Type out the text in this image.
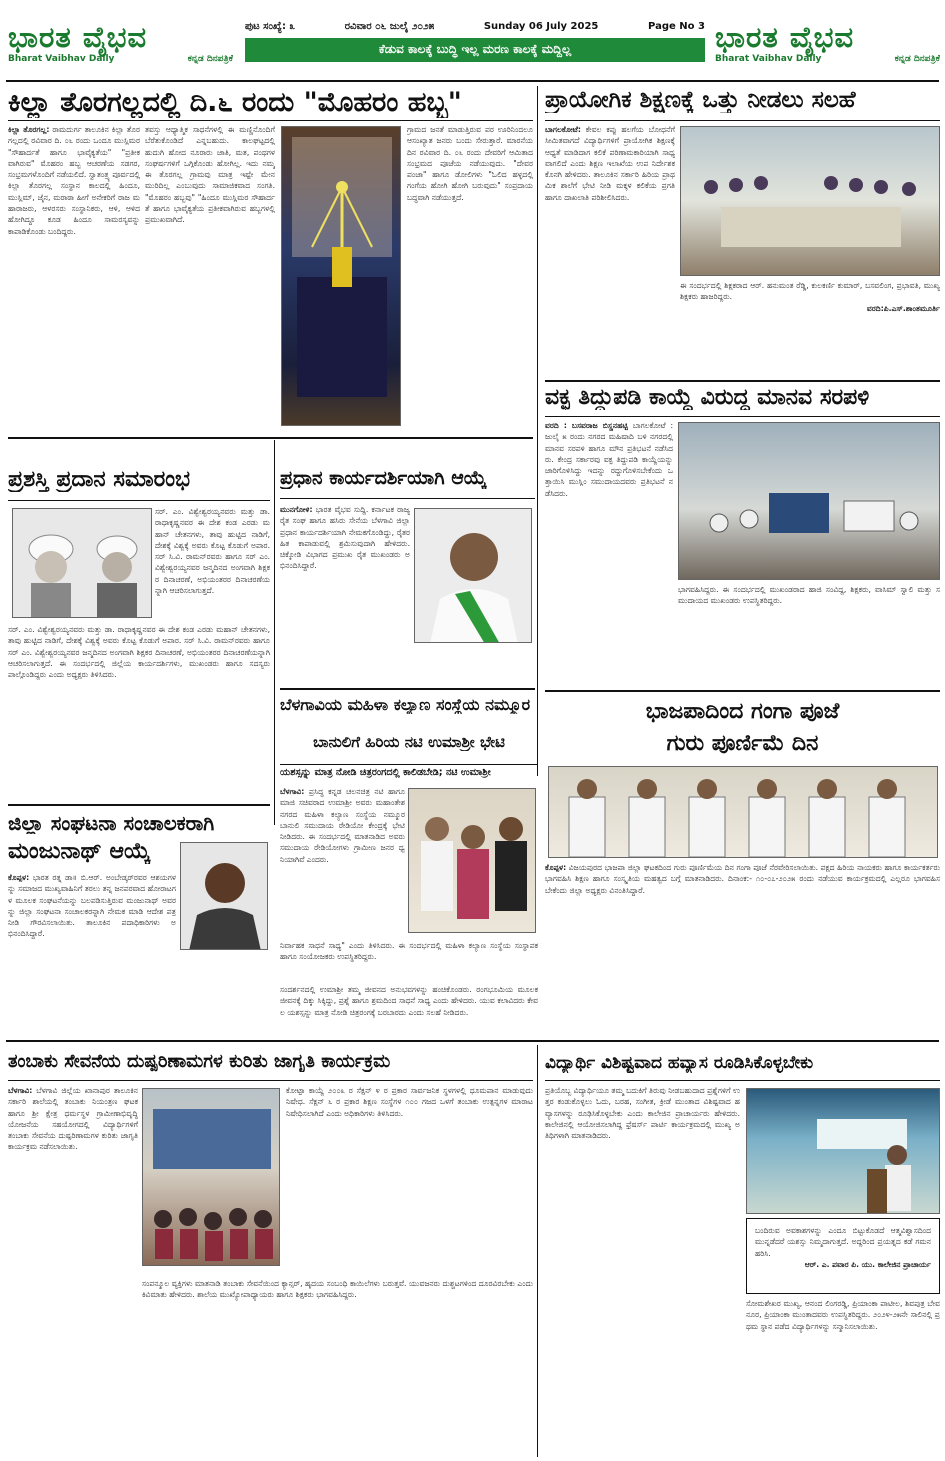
ಭಾರತ ವೈಭವ
Bharat Vaibhav Daily	ಕನ್ನಡ ದಿನಪತ್ರಿಕೆ
ಪುಟ ಸಂಖ್ಯೆ: ೩	ರವಿವಾರ ೦೬ ಜುಲೈ ೨೦೨೫	Sunday 06 July 2025	Page No 3
ಕೆಡುವ ಕಾಲಕ್ಕೆ ಬುದ್ಧಿ ಇಲ್ಲ ಮರಣ ಕಾಲಕ್ಕೆ ಮದ್ದಿಲ್ಲ	ಭಾರತ ವೈಭವ
Bharat Vaibhav Daily	ಕನ್ನಡ ದಿನಪತ್ರಿಕೆ
ಕಿಲ್ಲಾ ತೊರಗಲ್ಲದಲ್ಲಿ ದಿ.೬ ರಂದು "ಮೊಹರಂ ಹಬ್ಬ"
ಕಿಲ್ಲಾ ತೊರಗಲ್ಲ: ರಾಮದುರ್ಗ ತಾಲೂಕಿನ ಕಿಲ್ಲಾ ತೊರಗಲ್ಲದಲ್ಲಿ ರವಿವಾರ ದಿ. ೦೬ ರಂದು ಒಂದೂ ಮುಸ್ಲಿಮರ "ಸೌಹಾರ್ದತೆ ಹಾಗೂ ಭಾವೈಕ್ಯತೆಯ" "ಪ್ರತೀಕವಾಗಿರುವ" ಮೊಹರಂ ಹಬ್ಬ ಆಚರಣೆಯ ಸಡಗರ, ಸಂಭ್ರಮಗಳೊಂದಿಗೆ ನಡೆಯಲಿದೆ. ಸ್ವಾತಂತ್ರ್ಯ ಪೂರ್ವದಲ್ಲಿ ಕಿಲ್ಲಾ ತೊರಗಲ್ಲ ಸಂಸ್ಥಾನ ಕಾಲದಲ್ಲಿ ಹಿಂದೂ, ಮುಸ್ಲಿಮ್, ಜೈನ, ಮರಾಠಾ ಹೀಗೆ ಅನೇಕರಿಗೆ ರಾಜ ಮಹಾರಾಜರು, ಆಳರಸರು ಸಂಸ್ಥಾನಿಕರು, ಆಳಿ, ಆಳಿದ ಹೋಗಿದ್ದೂ ಕೂಡ ಹಿಂದೂ ಸಾಮರಸ್ಯವನ್ನು ಕಾಪಾಡಿಕೊಂಡು ಬಂದಿದ್ದರು.
ತವಸ್ತು ಆಧ್ಯಾತ್ಮಿಕ ಸಾಧನೆಗಳಲ್ಲಿ ಈ ಮಣ್ಣಿನೊಂದಿಗೆ ಬೆರೆತುಕೊಂಡಿದೆ ಎನ್ನಬಹುದು. ಕಾಲಘಟ್ಟದಲ್ಲಿ ಹುದುಗಿ ಹೋದ ನೂರಾರು ಜಾತಿ, ಮತ, ಪಂಥಗಳ ಸಂಘರ್ಷಗಳಿಗೆ ಒಗ್ಗಿಕೊಂಡು ಹೋಗಿಲ್ಲ. ಇದು ನಮ್ಮ ಈ ತೊರಗಲ್ಲ ಗ್ರಾಮವು ಮಾತ್ರ ಇಷ್ಟೇ ಮೇನ ಮುರಿದಿಲ್ಲ ಎಂಬುವುದು ಸಾಮಾಜಿಕವಾದ ಸಂಗತಿ. "ಮೊಹರಂ ಹಬ್ಬವು" "ಹಿಂದೂ ಮುಸ್ಲಿಮರ ಸೌಹಾರ್ದತೆ ಹಾಗೂ ಭಾವೈಕ್ಯತೆಯ ಪ್ರತೀಕವಾಗಿರುವ ಹಬ್ಬಗಳಲ್ಲಿ ಪ್ರಮುಖವಾಗಿದೆ.
ಗ್ರಾಮದ ಜನತೆ ಮಾಡುತ್ತಿರುವ ಪರ ಊರಿನಿಂದಲೂ ಆಸಂಖ್ಯಾತ ಜನರು ಬಂದು ಸೇರುತ್ತಾರೆ. ಮಾರನೆಯ ದಿನ ರವಿವಾರ ದಿ. ೦೬ ರಂದು ದೇವರಿಗೆ ಆಮಿತಾದ ಸಂಭ್ರಮದ ಪೂಜೆಯ ನಡೆಯುವುದು. "ದೇವರ ಪಂಜಾ" ಹಾಗೂ ಡೋಲಿಗಳು "ಓಲಿದ ಹಳ್ಳದಲ್ಲಿ ಗಂಗೆಯ ಹೋಗಿ ಹೋಗಿ ಬರುವುದು" ಸಂಪ್ರದಾಯ ಬದ್ಧವಾಗಿ ನಡೆಯುತ್ತದೆ.
ಪ್ರಾಯೋಗಿಕ ಶಿಕ್ಷಣಕ್ಕೆ ಒತ್ತು ನೀಡಲು ಸಲಹೆ
ಬಾಗಲಕೋಟೆ: ಕೇವಲ ಕಪ್ಪು ಹಲಗೆಯ ಬೋಧನೆಗೆ ಸೀಮಿತವಾಗದೆ ವಿದ್ಯಾರ್ಥಿಗಳಿಗೆ ಪ್ರಾಯೋಗಿಕ ಶಿಕ್ಷಣಕ್ಕೆ ಆಧ್ಯತೆ ಮಾಡಿದಾಗ ಕಲಿಕೆ ಪರಿಣಾಮಕಾರಿಯಾಗಿ ಸಾಧ್ಯವಾಗಲಿದೆ ಎಂದು ಶಿಕ್ಷಣ ಇಲಾಖೆಯ ಉಪ ನಿರ್ದೇಶಕ ಕೊನಗಿ ಹೇಳಿದರು. ತಾಲೂಕಿನ ಸರ್ಕಾರಿ ಹಿರಿಯ ಪ್ರಾಥಮಿಕ ಶಾಲೆಗೆ ಭೇಟಿ ನೀಡಿ ಮಕ್ಕಳ ಕಲಿಕೆಯ ಪ್ರಗತಿ ಹಾಗೂ ದಾಖಲಾತಿ ಪರಿಶೀಲಿಸಿದರು.
ಈ ಸಂದರ್ಭದಲ್ಲಿ ಶಿಕ್ಷಕರಾದ ಆರ್. ಹನುಮಂತ ರೆಡ್ಡಿ, ಕುಲಕರ್ಣಿ ಕುಮಾರ್, ಬಸವಲಿಂಗ, ಪ್ರಭಾವತಿ, ಮುಖ್ಯ ಶಿಕ್ಷಕರು ಹಾಜರಿದ್ದರು.
ವರದಿ:ಪಿ.ಎಸ್.ಶಾಂತಮೂರ್ತಿ
ವಕ್ಫ ತಿದ್ದುಪಡಿ ಕಾಯ್ದೆ ವಿರುದ್ಧ ಮಾನವ ಸರಪಳಿ
ವರದಿ : ಬಸವರಾಜ ಬಿಸ್ಣನಹಟ್ಟಿ ಬಾಗಲಕೋಟೆ : ಜುಲೈ ೫ ರಂದು ನಗರದ ಮಹಿಷಾದಿ ಬಳಿ ನಗರದಲ್ಲಿ ಮಾನವ ಸರಪಳಿ ಹಾಗೂ ಮೌನ ಪ್ರತಿಭಟನೆ ನಡೆಸಿದರು. ಕೇಂದ್ರ ಸರ್ಕಾರವು ವಕ್ಫ ತಿದ್ದುಪಡಿ ಕಾಯ್ದೆಯನ್ನು ಜಾರಿಗೊಳಿಸಿದ್ದು ಇದನ್ನು ರದ್ದುಗೊಳಿಸಬೇಕೆಂದು ಒತ್ತಾಯಿಸಿ ಮುಸ್ಲಿಂ ಸಮುದಾಯದವರು ಪ್ರತಿಭಟನೆ ನಡೆಸಿದರು.
ಭಾಗವಹಿಸಿದ್ದರು. ಈ ಸಂದರ್ಭದಲ್ಲಿ ಮುಖಂಡರಾದ ಹಾಜಿ ಸಂವಿದ್ದ, ಶಿಕ್ಷಕರು, ವಾಸಿಮ್ ಸ್ವಾಲಿ ಮತ್ತು ಸಮುದಾಯದ ಮುಖಂಡರು ಉಪಸ್ಥಿತರಿದ್ದರು.
ಪ್ರಶಸ್ತಿ ಪ್ರದಾನ ಸಮಾರಂಭ
ಸರ್. ಎಂ. ವಿಶ್ವೇಶ್ವರಯ್ಯನವರು ಮತ್ತು ಡಾ. ರಾಧಾಕೃಷ್ಣನವರ ಈ ದೇಶ ಕಂಡ ಎರಡು ಮಹಾನ್ ಚೇತನಗಳು, ತಾವು ಹುಟ್ಟಿದ ನಾಡಿಗೆ, ದೇಶಕ್ಕೆ ವಿಶ್ವಕ್ಕೆ ಅವರು ಕೊಟ್ಟ ಕೊಡುಗೆ ಅಪಾರ. ಸರ್ ಸಿ.ವಿ. ರಾಮನ್‌ರವರು ಹಾಗೂ ಸರ್ ಎಂ. ವಿಶ್ವೇಶ್ವರಯ್ಯನವರ ಜನ್ಮದಿನದ ಅಂಗವಾಗಿ ಶಿಕ್ಷಕರ ದಿನಾಚರಣೆ, ಅಭಿಯಂತರರ ದಿನಾಚರಣೆಯನ್ನಾಗಿ ಆಚರಿಸಲಾಗುತ್ತದೆ.
ಸರ್. ಎಂ. ವಿಶ್ವೇಶ್ವರಯ್ಯನವರು ಮತ್ತು ಡಾ. ರಾಧಾಕೃಷ್ಣನವರ ಈ ದೇಶ ಕಂಡ ಎರಡು ಮಹಾನ್ ಚೇತನಗಳು, ತಾವು ಹುಟ್ಟಿದ ನಾಡಿಗೆ, ದೇಶಕ್ಕೆ ವಿಶ್ವಕ್ಕೆ ಅವರು ಕೊಟ್ಟ ಕೊಡುಗೆ ಅಪಾರ. ಸರ್ ಸಿ.ವಿ. ರಾಮನ್‌ರವರು ಹಾಗೂ ಸರ್ ಎಂ. ವಿಶ್ವೇಶ್ವರಯ್ಯನವರ ಜನ್ಮದಿನದ ಅಂಗವಾಗಿ ಶಿಕ್ಷಕರ ದಿನಾಚರಣೆ, ಅಭಿಯಂತರರ ದಿನಾಚರಣೆಯನ್ನಾಗಿ ಆಚರಿಸಲಾಗುತ್ತದೆ. ಈ ಸಂದರ್ಭದಲ್ಲಿ ಜಿಲ್ಲೆಯ ಕಾರ್ಯದರ್ಶಿಗಳು, ಮುಖಂಡರು ಹಾಗೂ ಸದಸ್ಯರು ಪಾಲ್ಗೊಂಡಿದ್ದರು ಎಂದು ಅಧ್ಯಕ್ಷರು ತಿಳಿಸಿದರು.
ಪ್ರಧಾನ ಕಾರ್ಯದರ್ಶಿಯಾಗಿ ಆಯ್ಕೆ
ಮುನಗೋಳಿ: ಭಾರತ ವೈಭವ ಸುದ್ದಿ. ಕರ್ನಾಟಕ ರಾಜ್ಯ ರೈತ ಸಂಘ ಹಾಗೂ ಹಸಿರು ಸೇನೆಯ ಬೆಳಗಾವಿ ಜಿಲ್ಲಾ ಪ್ರಧಾನ ಕಾರ್ಯದರ್ಶಿಯಾಗಿ ನೇಮಕಗೊಂಡಿದ್ದು, ರೈತರ ಹಿತ ಕಾಪಾಡುವಲ್ಲಿ ಶ್ರಮಿಸುವುದಾಗಿ ಹೇಳಿದರು. ಚಿಕ್ಕೋಡಿ ವಿಭಾಗದ ಪ್ರಮುಖ ರೈತ ಮುಖಂಡರು ಅಭಿನಂದಿಸಿದ್ದಾರೆ.
ಜಿಲ್ಲಾ ಸಂಘಟನಾ ಸಂಚಾಲಕರಾಗಿ
ಮಂಜುನಾಥ್ ಆಯ್ಕೆ
ಕೊಪ್ಪಳ: ಭಾರತ ರತ್ನ ಡಾ॥ ಬಿ.ಆರ್. ಅಂಬೇಡ್ಕರ್‌ರವರ ಆಶಯಗಳನ್ನು ಸಮಾಜದ ಮುಖ್ಯವಾಹಿನಿಗೆ ತರಲು ತನ್ನ ಜನಪರವಾದ ಹೋರಾಟಗಳ ಮೂಲಕ ಸಂಘಟನೆಯನ್ನು ಬಲಪಡಿಸುತ್ತಿರುವ ಮಂಜುನಾಥ್ ಅವರನ್ನು ಜಿಲ್ಲಾ ಸಂಘಟನಾ ಸಂಚಾಲಕರನ್ನಾಗಿ ನೇಮಕ ಮಾಡಿ ಆದೇಶ ಪತ್ರ ನೀಡಿ ಗೌರವಿಸಲಾಯಿತು. ತಾಲೂಕಿನ ಪದಾಧಿಕಾರಿಗಳು ಅಭಿನಂದಿಸಿದ್ದಾರೆ.
ಬೆಳಗಾವಿಯ ಮಹಿಳಾ ಕಲ್ಯಾಣ ಸಂಸ್ಥೆಯ ನಮ್ಮೂರ
ಬಾನುಲಿಗೆ ಹಿರಿಯ ನಟಿ ಉಮಾಶ್ರೀ ಭೇಟಿ
ಯಶಸ್ಸನ್ನು ಮಾತ್ರ ನೋಡಿ ಚಿತ್ರರಂಗದಲ್ಲಿ ಕಾಲಿಡಬೇಡಿ; ನಟಿ ಉಮಾಶ್ರೀ
ಬೆಳಗಾವಿ: ಪ್ರಸಿದ್ಧ ಕನ್ನಡ ಚಲನಚಿತ್ರ ನಟಿ ಹಾಗೂ ಮಾಜಿ ಸಚಿವರಾದ ಉಮಾಶ್ರೀ ಅವರು ಮಹಾಂತೇಶ ನಗರದ ಮಹಿಳಾ ಕಲ್ಯಾಣ ಸಂಸ್ಥೆಯ ನಮ್ಮೂರ ಬಾನುಲಿ ಸಮುದಾಯ ರೇಡಿಯೋ ಕೇಂದ್ರಕ್ಕೆ ಭೇಟಿ ನೀಡಿದರು. ಈ ಸಂದರ್ಭದಲ್ಲಿ ಮಾತನಾಡಿದ ಅವರು ಸಮುದಾಯ ರೇಡಿಯೋಗಳು ಗ್ರಾಮೀಣ ಜನರ ಧ್ವನಿಯಾಗಿವೆ ಎಂದರು.
ನಿರ್ವಾಹಕ ಸಾಧನೆ ಸಾಧ್ಯ" ಎಂದು ತಿಳಿಸಿದರು. ಈ ಸಂದರ್ಭದಲ್ಲಿ ಮಹಿಳಾ ಕಲ್ಯಾಣ ಸಂಸ್ಥೆಯ ಸಂಸ್ಥಾಪಕ ಹಾಗೂ ಸಂಯೋಜಕರು ಉಪಸ್ಥಿತರಿದ್ದರು.
ಸಂದರ್ಶನದಲ್ಲಿ ಉಮಾಶ್ರೀ ತಮ್ಮ ಜೀವನದ ಅನುಭವಗಳನ್ನು ಹಂಚಿಕೊಂಡರು. ರಂಗಭೂಮಿಯ ಮೂಲಕ ಜೀವನಕ್ಕೆ ದಿಕ್ಕು ಸಿಕ್ಕಿದ್ದು, ಪ್ರಶ್ನೆ ಹಾಗೂ ಶ್ರಮದಿಂದ ಸಾಧನೆ ಸಾಧ್ಯ ಎಂದು ಹೇಳಿದರು. ಯುವ ಕಲಾವಿದರು ಕೇವಲ ಯಶಸ್ಸನ್ನು ಮಾತ್ರ ನೋಡಿ ಚಿತ್ರರಂಗಕ್ಕೆ ಬರಬಾರದು ಎಂದು ಸಲಹೆ ನೀಡಿದರು.
ಭಾಜಪಾದಿಂದ ಗಂಗಾ ಪೂಜೆ
ಗುರು ಪೂರ್ಣಿಮೆ ದಿನ
ಕೊಪ್ಪಳ: ವಿಜಯಪುರದ ಭಾಜಪಾ ಜಿಲ್ಲಾ ಘಟಕದಿಂದ ಗುರು ಪೂರ್ಣಿಮೆಯ ದಿನ ಗಂಗಾ ಪೂಜೆ ನೆರವೇರಿಸಲಾಯಿತು. ಪಕ್ಷದ ಹಿರಿಯ ನಾಯಕರು ಹಾಗೂ ಕಾರ್ಯಕರ್ತರು ಭಾಗವಹಿಸಿ ಶಿಕ್ಷಣ ಹಾಗೂ ಸಂಸ್ಕೃತಿಯ ಮಹತ್ವದ ಬಗ್ಗೆ ಮಾತನಾಡಿದರು. ದಿನಾಂಕ:- ೧೦-೦೭-೨೦೨೫ ರಂದು ನಡೆಯುವ ಕಾರ್ಯಕ್ರಮದಲ್ಲಿ ಎಲ್ಲರೂ ಭಾಗವಹಿಸಬೇಕೆಂದು ಜಿಲ್ಲಾ ಅಧ್ಯಕ್ಷರು ವಿನಂತಿಸಿದ್ದಾರೆ.
ತಂಬಾಕು ಸೇವನೆಯ ದುಷ್ಪರಿಣಾಮಗಳ ಕುರಿತು ಜಾಗೃತಿ ಕಾರ್ಯಕ್ರಮ
ಬೆಳಗಾವಿ: ಬೆಳಗಾವಿ ಜಿಲ್ಲೆಯ ಖಾನಾಪುರ ತಾಲೂಕಿನ ಸರ್ಕಾರಿ ಶಾಲೆಯಲ್ಲಿ ತಂಬಾಕು ನಿಯಂತ್ರಣ ಘಟಕ ಹಾಗೂ ಶ್ರೀ ಕ್ಷೇತ್ರ ಧರ್ಮಸ್ಥಳ ಗ್ರಾಮೀಣಾಭಿವೃದ್ಧಿ ಯೋಜನೆಯ ಸಹಯೋಗದಲ್ಲಿ ವಿದ್ಯಾರ್ಥಿಗಳಿಗೆ ತಂಬಾಕು ಸೇವನೆಯ ದುಷ್ಪರಿಣಾಮಗಳ ಕುರಿತು ಜಾಗೃತಿ ಕಾರ್ಯಕ್ರಮ ನಡೆಸಲಾಯಿತು.
ಕೋಟ್ಪಾ ಕಾಯ್ದೆ ೨೦೦೩ ರ ಸೆಕ್ಷನ್ ೪ ರ ಪ್ರಕಾರ ಸಾರ್ವಜನಿಕ ಸ್ಥಳಗಳಲ್ಲಿ ಧೂಮಪಾನ ಮಾಡುವುದು ನಿಷೇಧ. ಸೆಕ್ಷನ್ ೬ ರ ಪ್ರಕಾರ ಶಿಕ್ಷಣ ಸಂಸ್ಥೆಗಳ ೧೦೦ ಗಜದ ಒಳಗೆ ತಂಬಾಕು ಉತ್ಪನ್ನಗಳ ಮಾರಾಟ ನಿಷೇಧಿಸಲಾಗಿದೆ ಎಂದು ಅಧಿಕಾರಿಗಳು ತಿಳಿಸಿದರು.
ಸಂಪನ್ಮೂಲ ವ್ಯಕ್ತಿಗಳು ಮಾತನಾಡಿ ತಂಬಾಕು ಸೇವನೆಯಿಂದ ಕ್ಯಾನ್ಸರ್, ಹೃದಯ ಸಂಬಂಧಿ ಕಾಯಿಲೆಗಳು ಬರುತ್ತವೆ. ಯುವಜನರು ದುಶ್ಚಟಗಳಿಂದ ದೂರವಿರಬೇಕು ಎಂದು ಕಿವಿಮಾತು ಹೇಳಿದರು. ಶಾಲೆಯ ಮುಖ್ಯೋಪಾಧ್ಯಾಯರು ಹಾಗೂ ಶಿಕ್ಷಕರು ಭಾಗವಹಿಸಿದ್ದರು.
ವಿದ್ಯಾರ್ಥಿ ವಿಶಿಷ್ಟವಾದ ಹವ್ಯಾಸ ರೂಡಿಸಿಕೊಳ್ಳಬೇಕು
ಪ್ರತಿಯೊಬ್ಬ ವಿದ್ಯಾರ್ಥಿಯೂ ತಮ್ಮ ಬದುಕಿಗೆ ತಿರುವು ನೀಡಬಹುದಾದ ಪ್ರಶ್ನೆಗಳಿಗೆ ಉತ್ತರ ಕಂಡುಕೊಳ್ಳಲು ಓದು, ಬರಹ, ಸಂಗೀತ, ಕ್ರೀಡೆ ಮುಂತಾದ ವಿಶಿಷ್ಟವಾದ ಹವ್ಯಾಸಗಳನ್ನು ರೂಢಿಸಿಕೊಳ್ಳಬೇಕು ಎಂದು ಕಾಲೇಜಿನ ಪ್ರಾಚಾರ್ಯರು ಹೇಳಿದರು. ಕಾಲೇಜಿನಲ್ಲಿ ಆಯೋಜಿಸಲಾಗಿದ್ದ ಫ್ರೆಷರ್ಸ್ ಪಾರ್ಟಿ ಕಾರ್ಯಕ್ರಮದಲ್ಲಿ ಮುಖ್ಯ ಅತಿಥಿಗಳಾಗಿ ಮಾತನಾಡಿದರು.
ಬಂದಿರುವ ಅವಕಾಶಗಳನ್ನು ಎಂದೂ ಬಿಟ್ಟುಕೊಡದೆ ಆತ್ಮವಿಶ್ವಾಸದಿಂದ ಮುನ್ನಡೆದರೆ ಯಶಸ್ಸು ನಿಮ್ಮದಾಗುತ್ತದೆ. ಅದ್ದರಿಂದ ಪ್ರಯತ್ನದ ಕಡೆ ಗಮನ ಹರಿಸಿ.
ಆರ್. ಎ. ಪವಾರ ಪಿ. ಯು. ಕಾಲೇಜಿನ ಪ್ರಾಚಾರ್ಯ
ಸೋಮಶೇಖರ ಮುಖ್ಯ, ಆನಂದ ಲಿಂಗರಡ್ಡಿ, ಪ್ರಿಯಾಂಕಾ ಪಾಟೀಲ, ಶಿವಪುತ್ರ ಬೇವನೂರ, ಪ್ರಿಯಾಂಕಾ ಮುಂತಾದವರು ಉಪಸ್ಥಿತರಿದ್ದರು. ೨೦೨೪-೨೫ನೇ ಸಾಲಿನಲ್ಲಿ ಪ್ರಥಮ ಸ್ಥಾನ ಪಡೆದ ವಿದ್ಯಾರ್ಥಿಗಳನ್ನು ಸನ್ಮಾನಿಸಲಾಯಿತು.
